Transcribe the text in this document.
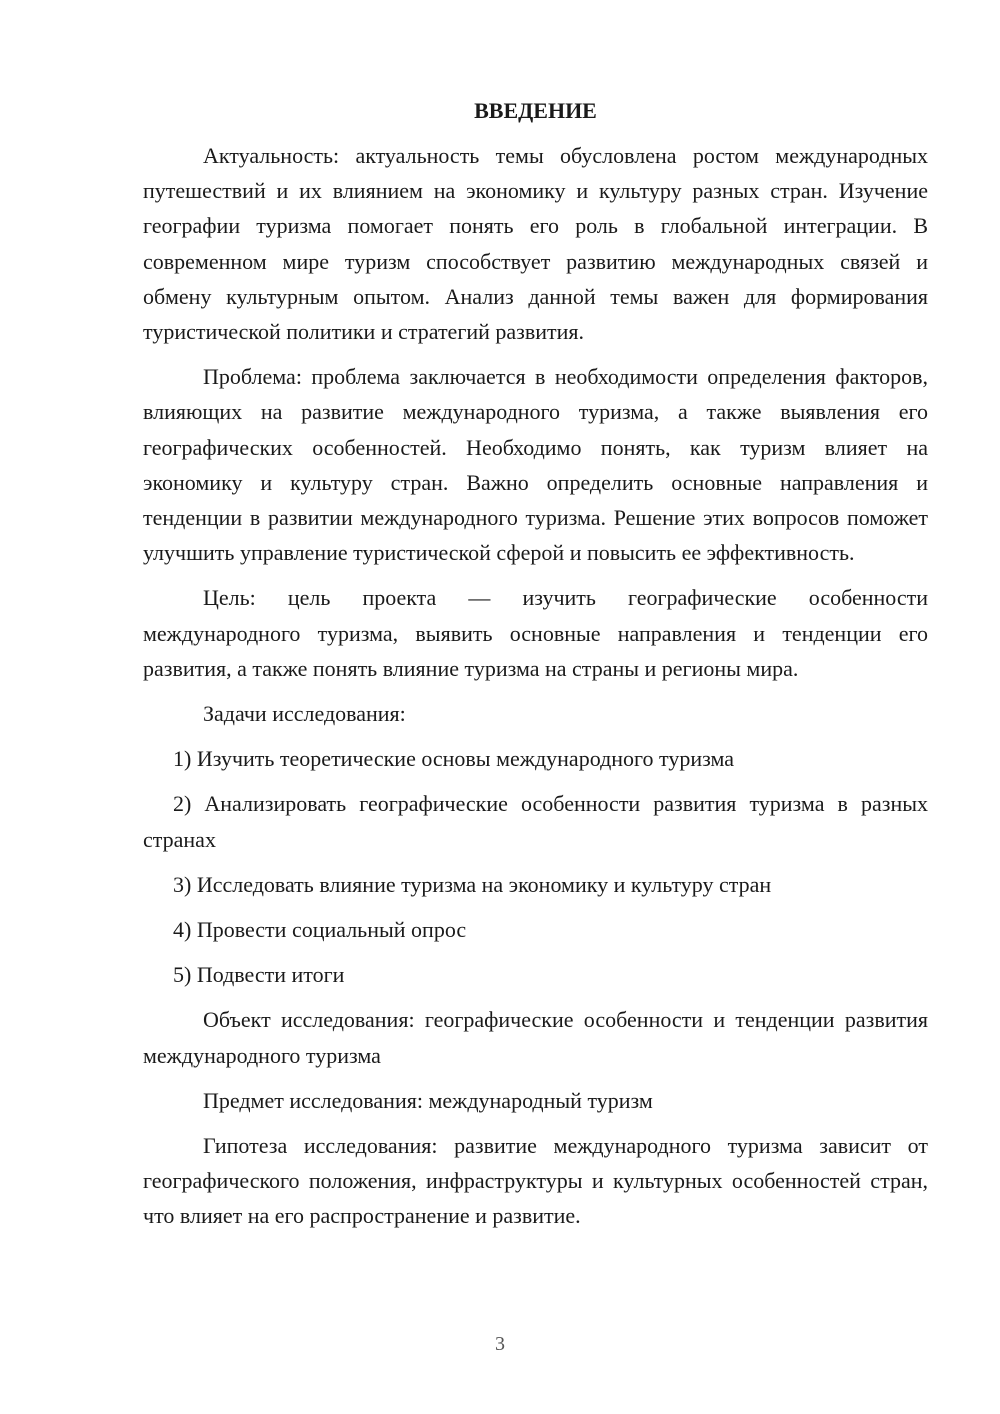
ВВЕДЕНИЕ

Актуальность: актуальность темы обусловлена ростом международных путешествий и их влиянием на экономику и культуру разных стран. Изучение географии туризма помогает понять его роль в глобальной интеграции. В современном мире туризм способствует развитию международных связей и обмену культурным опытом. Анализ данной темы важен для формирования туристической политики и стратегий развития.

Проблема: проблема заключается в необходимости определения факторов, влияющих на развитие международного туризма, а также выявления его географических особенностей. Необходимо понять, как туризм влияет на экономику и культуру стран. Важно определить основные направления и тенденции в развитии международного туризма. Решение этих вопросов поможет улучшить управление туристической сферой и повысить ее эффективность.

Цель: цель проекта — изучить географические особенности международного туризма, выявить основные направления и тенденции его развития, а также понять влияние туризма на страны и регионы мира.

Задачи исследования:

1) Изучить теоретические основы международного туризма

2) Анализировать географические особенности развития туризма в разных странах

3) Исследовать влияние туризма на экономику и культуру стран

4) Провести социальный опрос

5) Подвести итоги

Объект исследования: географические особенности и тенденции развития международного туризма

Предмет исследования: международный туризм

Гипотеза исследования: развитие международного туризма зависит от географического положения, инфраструктуры и культурных особенностей стран, что влияет на его распространение и развитие.

3
